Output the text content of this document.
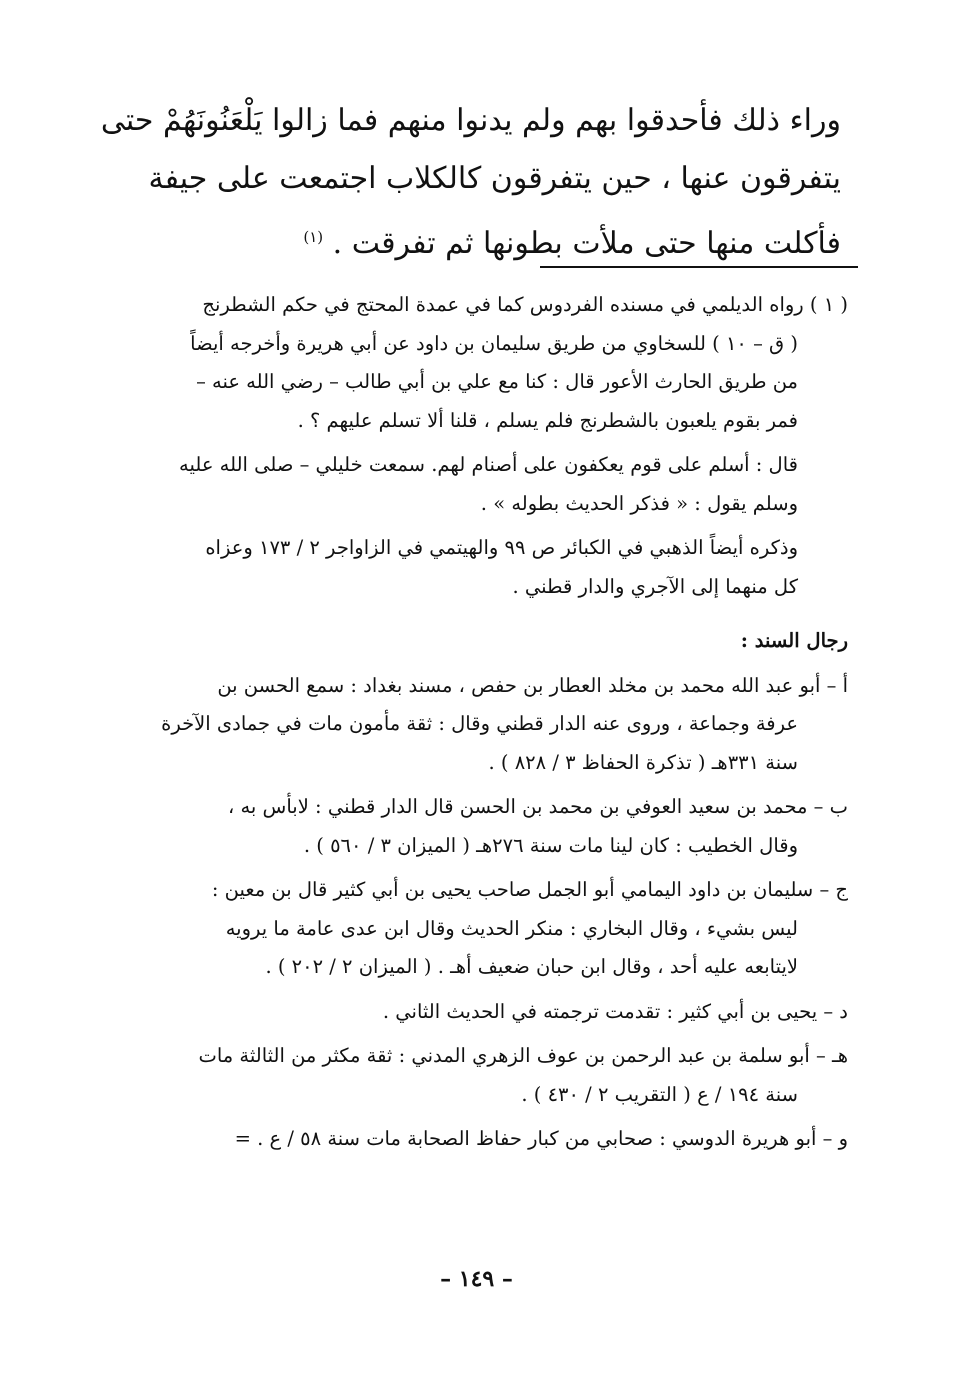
وراء ذلك فأحدقوا بهم ولم يدنوا منهم فما زالوا يَلْعَنُونَهُمْ حتى
يتفرقون عنها ، حين يتفرقون كالكلاب اجتمعت على جيفة
فأكلت منها حتى ملأت بطونها ثم تفرقت . $^{(١)}$
( ١ ) رواه الديلمي في مسنده الفردوس كما في عمدة المحتج في حكم الشطرنج
( ق – ١٠ ) للسخاوي من طريق سليمان بن داود عن أبي هريرة وأخرجه أيضاً
من طريق الحارث الأعور قال : كنا مع علي بن أبي طالب – رضي الله عنه –
فمر بقوم يلعبون بالشطرنج فلم يسلم ، قلنا ألا تسلم عليهم ؟ .
قال : أسلم على قوم يعكفون على أصنام لهم. سمعت خليلي – صلى الله عليه
وسلم يقول : « فذكر الحديث بطوله » .
وذكره أيضاً الذهبي في الكبائر ص ٩٩ والهيتمي في الزاواجر ٢ / ١٧٣ وعزاه
كل منهما إلى الآجري والدار قطني .
رجال السند :
أ – أبو عبد الله محمد بن مخلد العطار بن حفص ، مسند بغداد : سمع الحسن بن
عرفة وجماعة ، وروى عنه الدار قطني وقال : ثقة مأمون مات في جمادى الآخرة
سنة ٣٣١هـ ( تذكرة الحفاظ ٣ / ٨٢٨ ) .
ب – محمد بن سعيد العوفي بن محمد بن الحسن قال الدار قطني : لابأس به ،
وقال الخطيب : كان لينا مات سنة ٢٧٦هـ ( الميزان ٣ / ٥٦٠ ) .
ج – سليمان بن داود اليمامي أبو الجمل صاحب يحيى بن أبي كثير قال بن معين :
ليس بشيء ، وقال البخاري : منكر الحديث وقال ابن عدى عامة ما يرويه
لايتابعه عليه أحد ، وقال ابن حبان ضعيف أهـ . ( الميزان ٢ / ٢٠٢ ) .
د – يحيى بن أبي كثير : تقدمت ترجمته في الحديث الثاني .
هـ – أبو سلمة بن عبد الرحمن بن عوف الزهري المدني : ثقة مكثر من الثالثة مات
سنة ١٩٤ / ع ( التقريب ٢ / ٤٣٠ ) .
و – أبو هريرة الدوسي : صحابي من كبار حفاظ الصحابة مات سنة ٥٨ / ع . =
– ١٤٩ –
